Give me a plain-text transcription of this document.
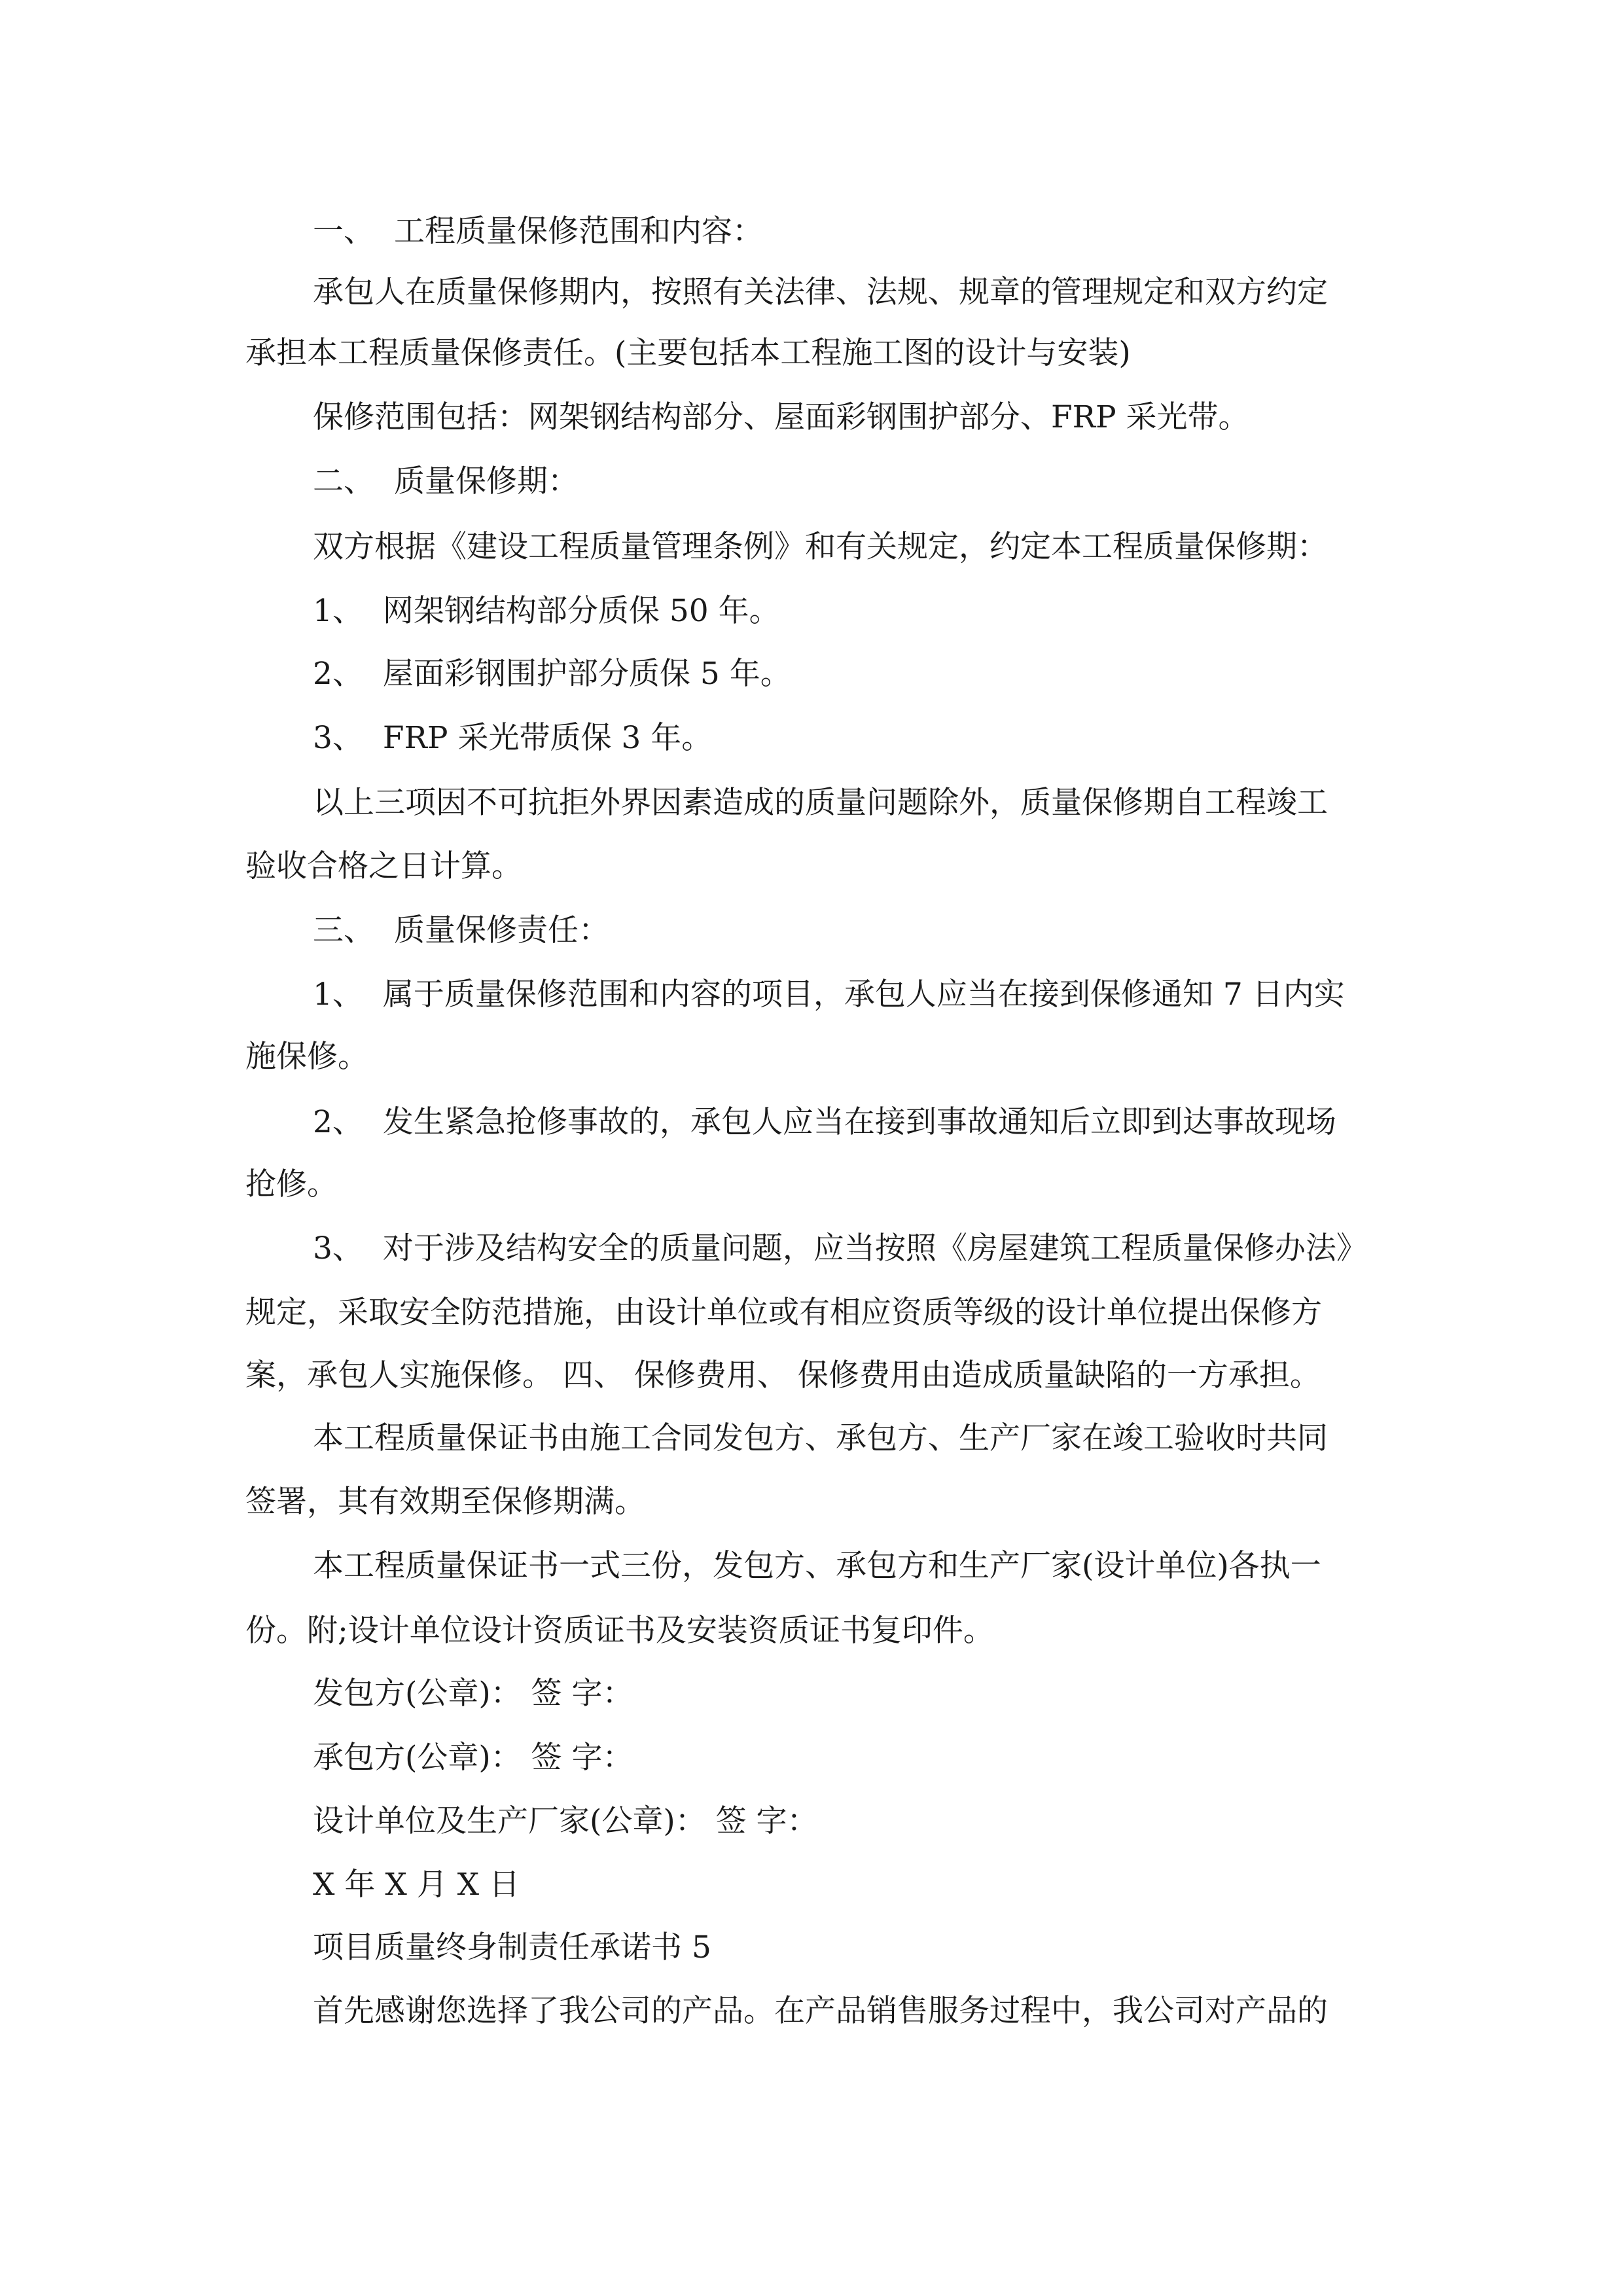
一、 工程质量保修范围和内容：

承包人在质量保修期内，按照有关法律、法规、规章的管理规定和双方约定

承担本工程质量保修责任。(主要包括本工程施工图的设计与安装)

保修范围包括：网架钢结构部分、屋面彩钢围护部分、FRP 采光带。

二、 质量保修期：

双方根据《建设工程质量管理条例》和有关规定，约定本工程质量保修期：

1、 网架钢结构部分质保 50 年。

2、 屋面彩钢围护部分质保 5 年。

3、 FRP 采光带质保 3 年。

以上三项因不可抗拒外界因素造成的质量问题除外，质量保修期自工程竣工

验收合格之日计算。

三、 质量保修责任：

1、 属于质量保修范围和内容的项目，承包人应当在接到保修通知 7 日内实

施保修。

2、 发生紧急抢修事故的，承包人应当在接到事故通知后立即到达事故现场

抢修。

3、 对于涉及结构安全的质量问题，应当按照《房屋建筑工程质量保修办法》

规定，采取安全防范措施，由设计单位或有相应资质等级的设计单位提出保修方

案，承包人实施保修。 四、 保修费用、 保修费用由造成质量缺陷的一方承担。

本工程质量保证书由施工合同发包方、承包方、生产厂家在竣工验收时共同

签署，其有效期至保修期满。

本工程质量保证书一式三份，发包方、承包方和生产厂家(设计单位)各执一

份。附;设计单位设计资质证书及安装资质证书复印件。

发包方(公章)： 签 字：

承包方(公章)： 签 字：

设计单位及生产厂家(公章)： 签 字：

X 年 X 月 X 日

项目质量终身制责任承诺书 5

首先感谢您选择了我公司的产品。在产品销售服务过程中，我公司对产品的
